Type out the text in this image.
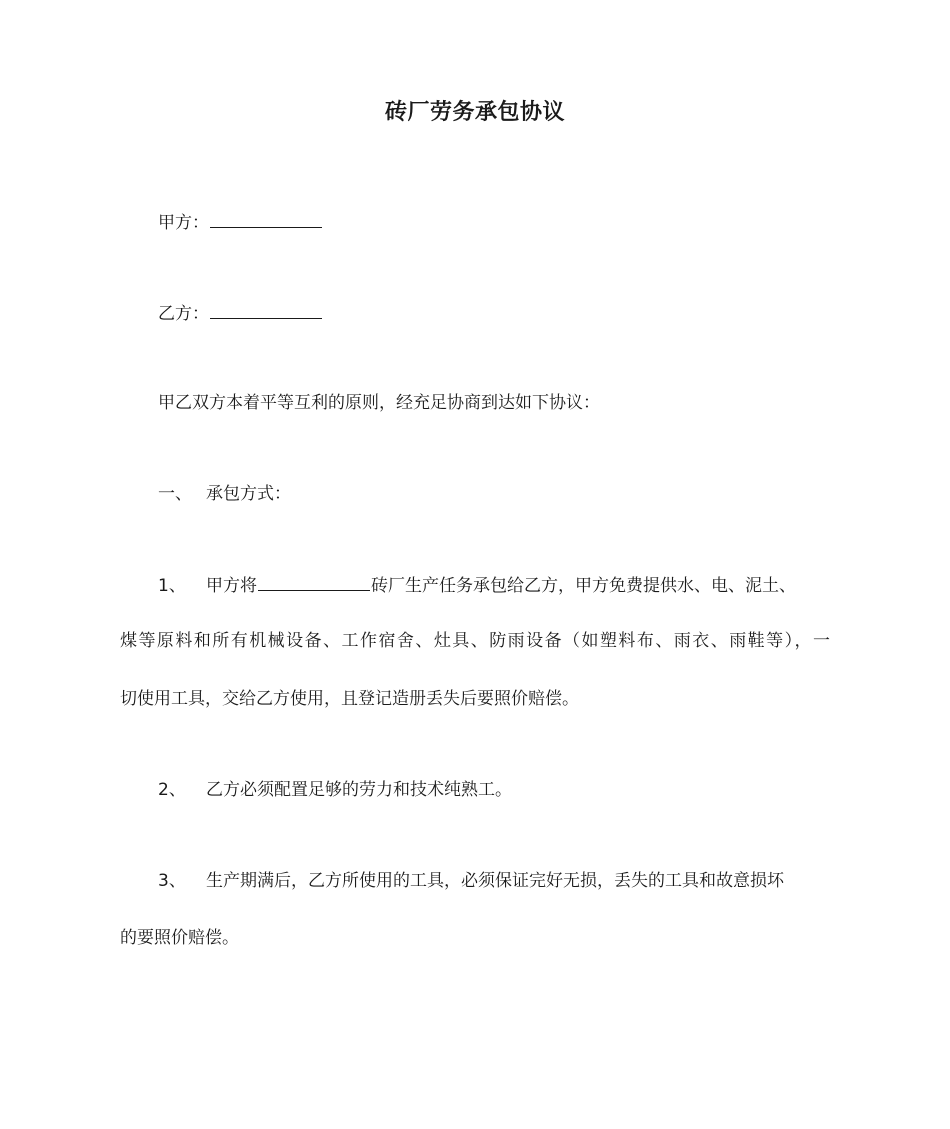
砖厂劳务承包协议
甲方：
乙方：
甲乙双方本着平等互利的原则，经充足协商到达如下协议：
一、 承包方式：
1、 甲方将	砖厂生产任务承包给乙方，甲方免费提供水、电、泥土、
煤等原料和所有机械设备、工作宿舍、灶具、防雨设备（如塑料布、雨衣、雨鞋等），一
切使用工具，交给乙方使用，且登记造册丢失后要照价赔偿。
2、 乙方必须配置足够的劳力和技术纯熟工。
3、 生产期满后，乙方所使用的工具，必须保证完好无损，丢失的工具和故意损坏
的要照价赔偿。
